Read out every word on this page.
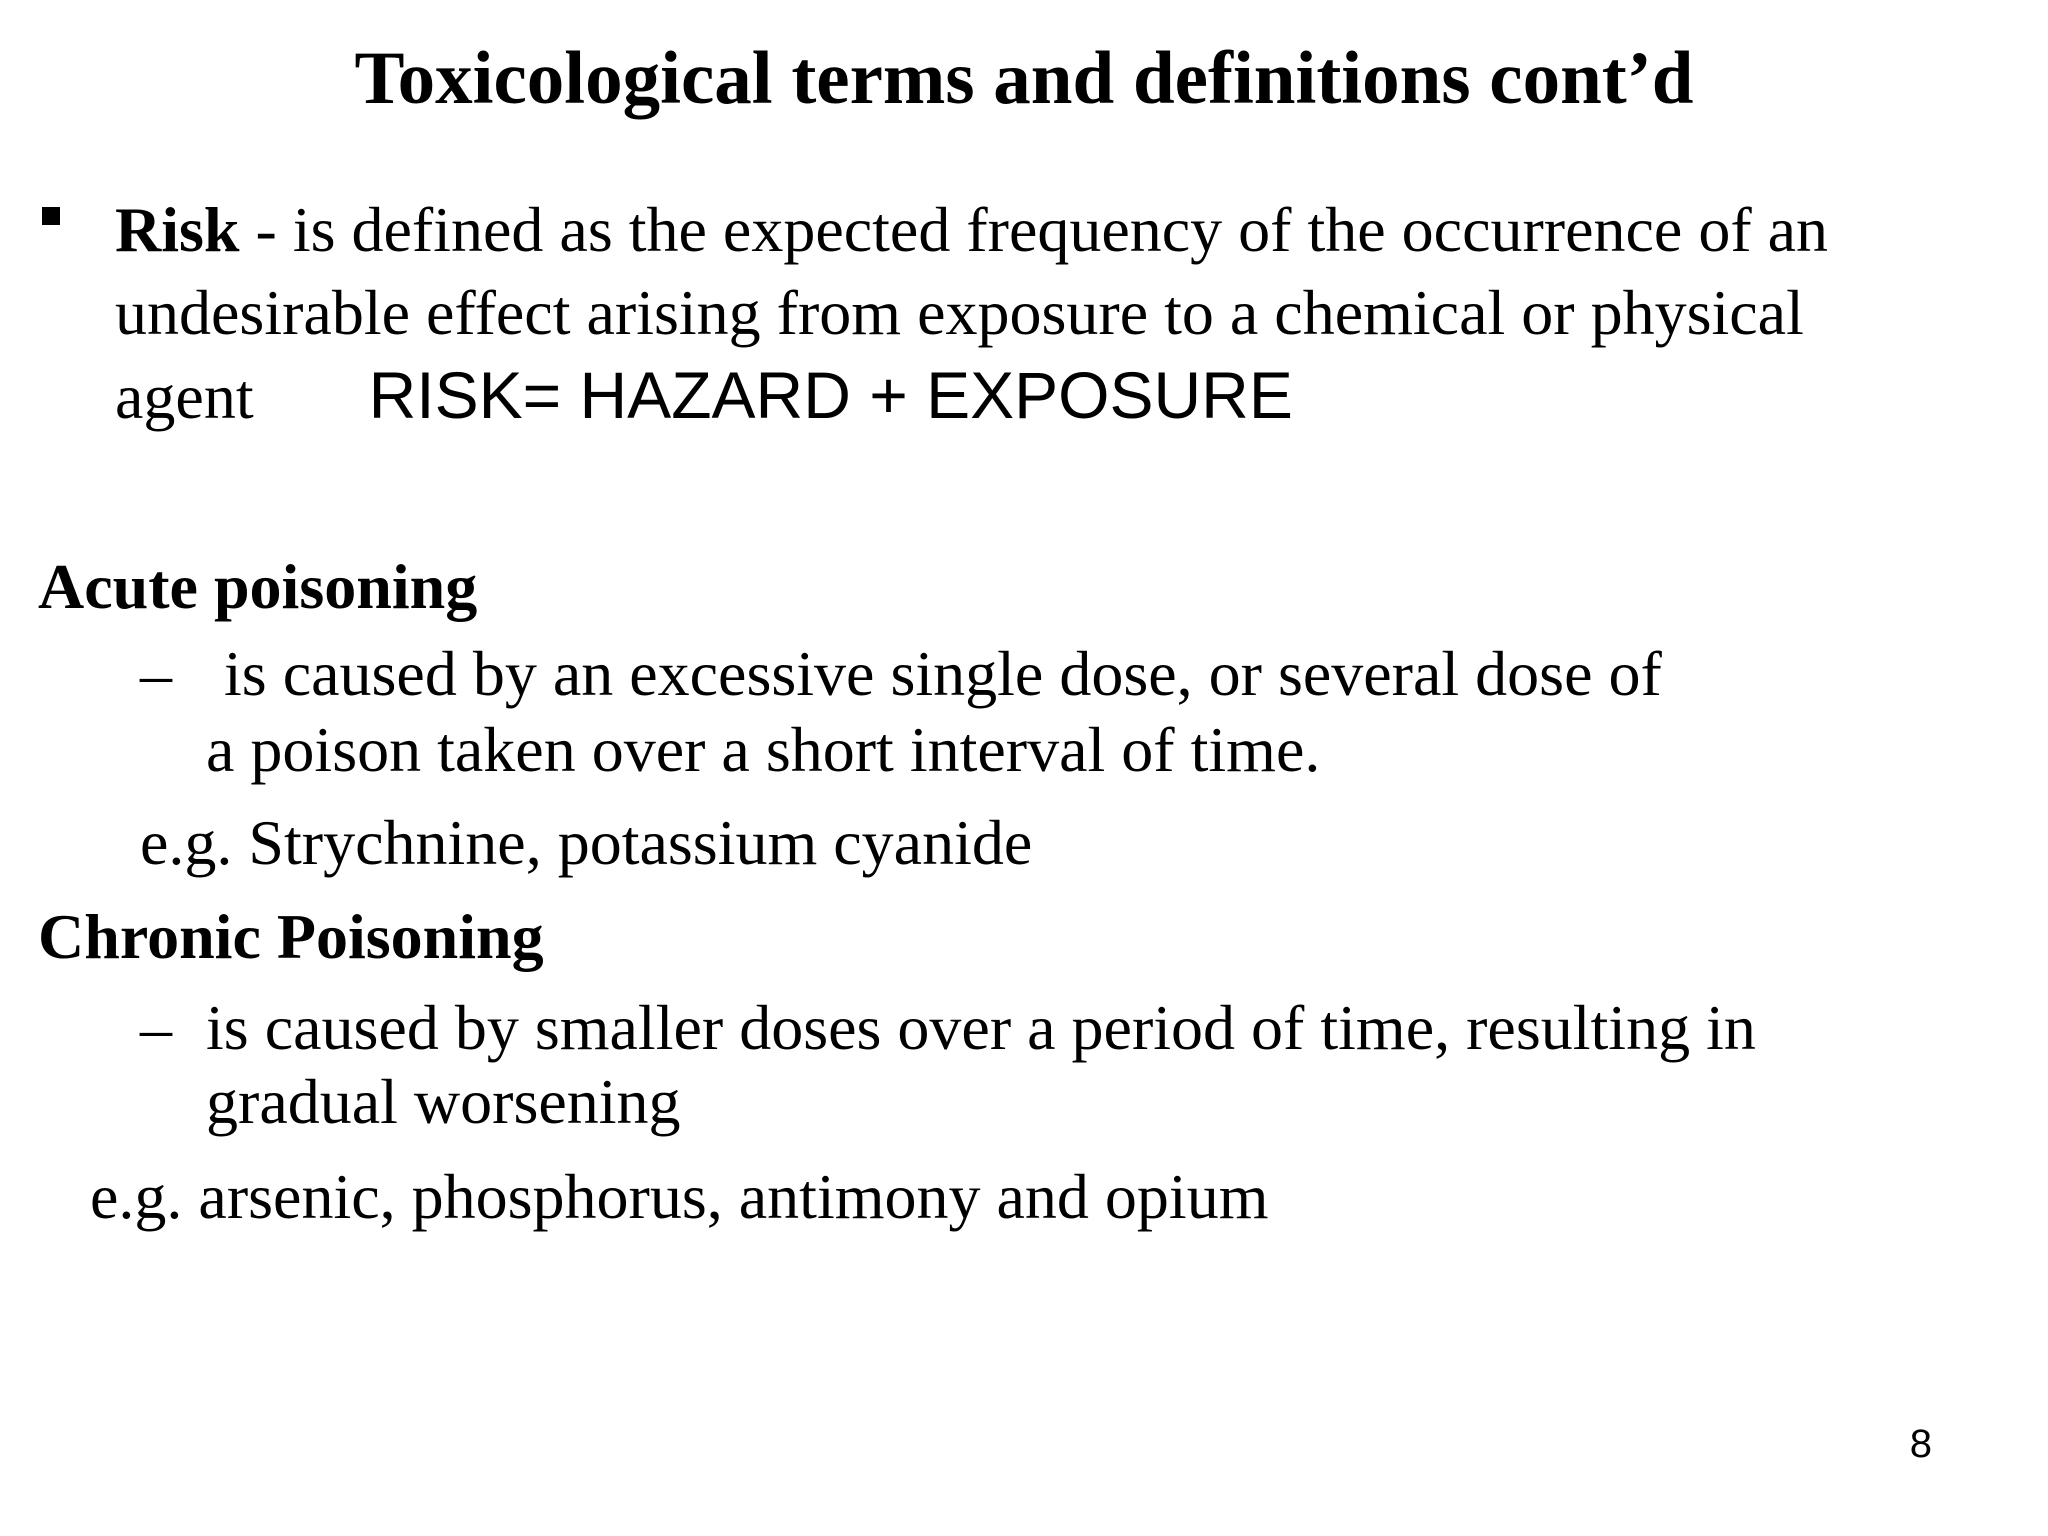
Toxicological terms and definitions cont’d
Risk - is defined as the expected frequency of the occurrence of an
undesirable effect arising from exposure to a chemical or physical
agent RISK= HAZARD + EXPOSURE
Acute poisoning
– is caused by an excessive single dose, or several dose of
a poison taken over a short interval of time.
e.g. Strychnine, potassium cyanide
Chronic Poisoning
– is caused by smaller doses over a period of time, resulting in
gradual worsening
e.g. arsenic, phosphorus, antimony and opium
8
